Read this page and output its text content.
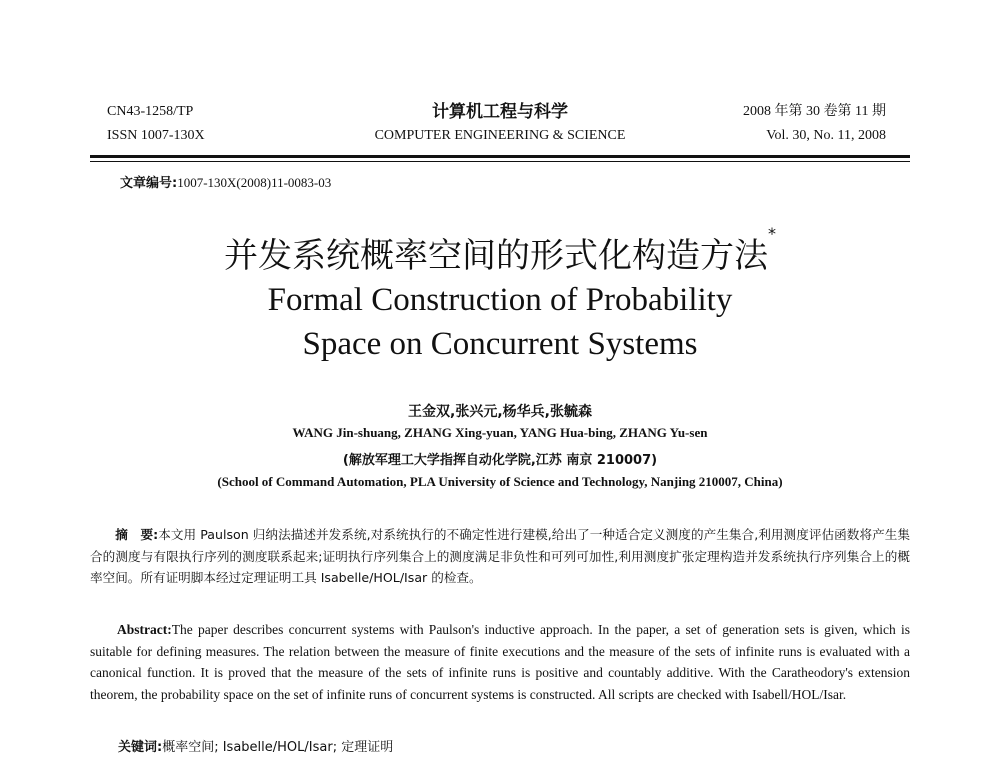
CN43-1258/TP
ISSN 1007-130X
计算机工程与科学
COMPUTER ENGINEERING & SCIENCE
2008 年第 30 卷第 11 期
Vol. 30, No. 11, 2008
文章编号:1007-130X(2008)11-0083-03
并发系统概率空间的形式化构造方法*
Formal Construction of Probability
Space on Concurrent Systems
王金双,张兴元,杨华兵,张毓森
WANG Jin-shuang, ZHANG Xing-yuan, YANG Hua-bing, ZHANG Yu-sen
(解放军理工大学指挥自动化学院,江苏 南京 210007)
(School of Command Automation, PLA University of Science and Technology, Nanjing 210007, China)
摘　要:本文用 Paulson 归纳法描述并发系统,对系统执行的不确定性进行建模,给出了一种适合定义测度的产生集合,利用测度评估函数将产生集合的测度与有限执行序列的测度联系起来;证明执行序列集合上的测度满足非负性和可列可加性,利用测度扩张定理构造并发系统执行序列集合上的概率空间。所有证明脚本经过定理证明工具 Isabelle/HOL/Isar 的检查。
Abstract:The paper describes concurrent systems with Paulson's inductive approach. In the paper, a set of generation sets is given, which is suitable for defining measures. The relation between the measure of finite executions and the measure of the sets of infinite runs is evaluated with a canonical function. It is proved that the measure of the sets of infinite runs is positive and countably additive. With the Caratheodory's extension theorem, the probability space on the set of infinite runs of concurrent systems is constructed. All scripts are checked with Isabell/HOL/Isar.
关键词:概率空间; Isabelle/HOL/Isar; 定理证明
